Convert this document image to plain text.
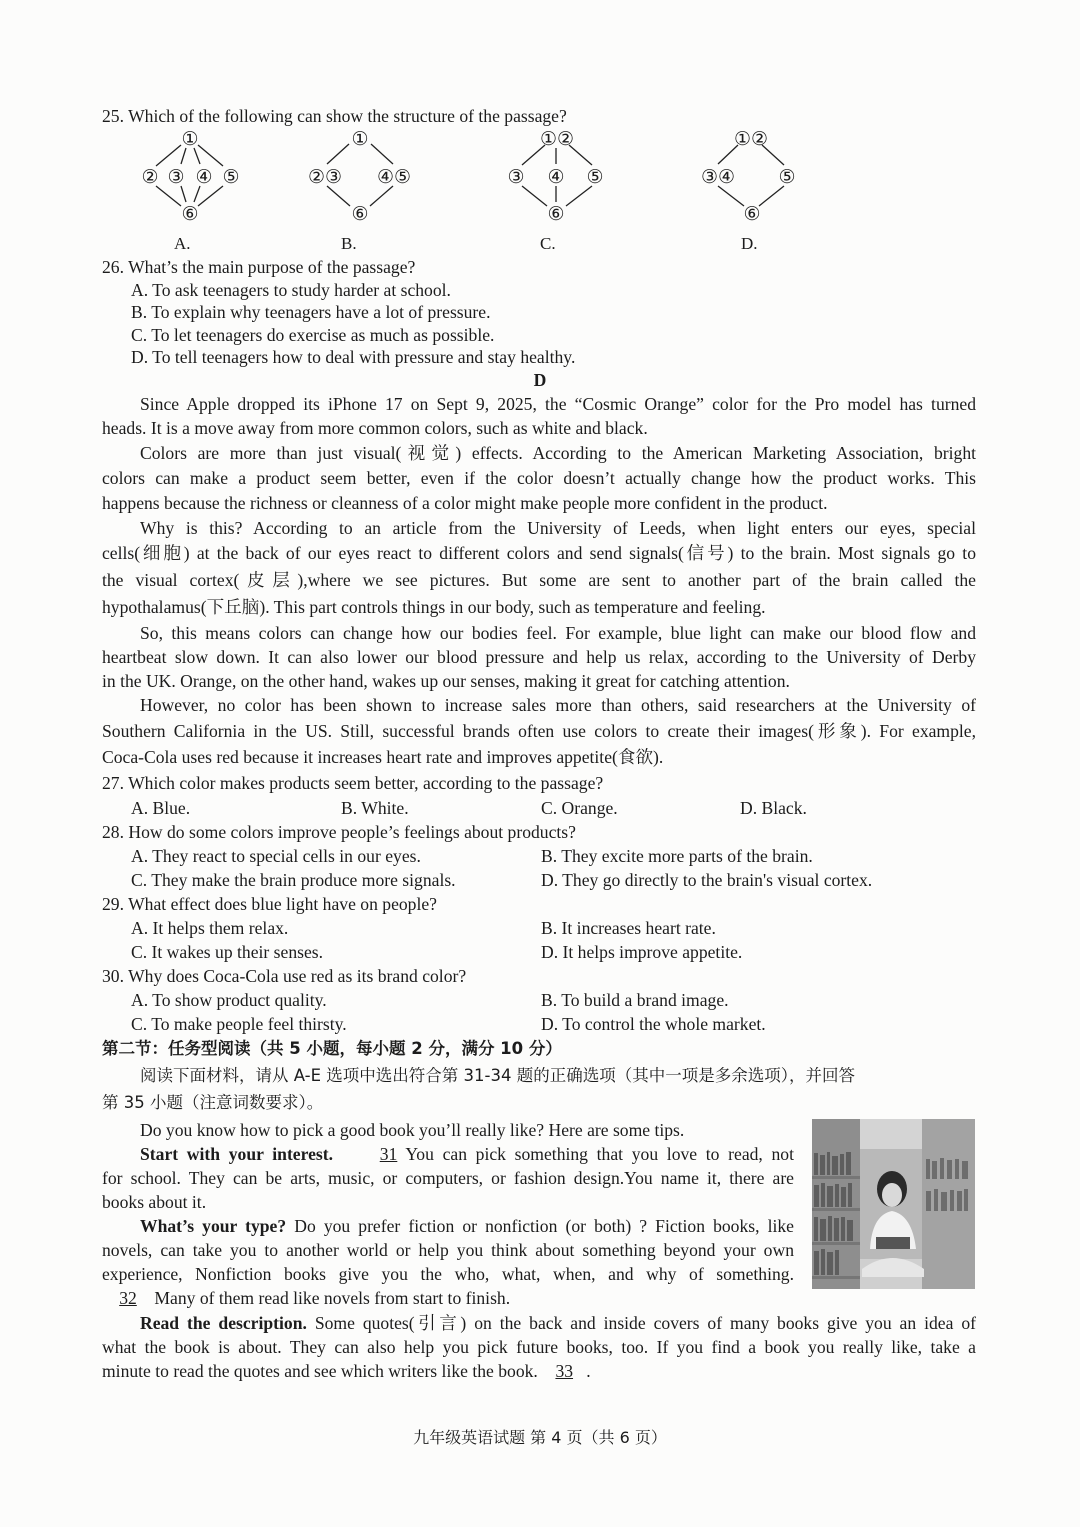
25. Which of the following can show the structure of the passage?
①
② ③ ④ ⑤
⑥
A.
①
②③ ④⑤
⑥
B.
①②
③ ④ ⑤
⑥
C.
①②
③④ ⑤
⑥
D.
26. What’s the main purpose of the passage?
A. To ask teenagers to study harder at school.
B. To explain why teenagers have a lot of pressure.
C. To let teenagers do exercise as much as possible.
D. To tell teenagers how to deal with pressure and stay healthy.
D
Since Apple dropped its iPhone 17 on Sept 9, 2025, the “Cosmic Orange” color for the Pro model has turned
heads. It is a move away from more common colors, such as white and black.
Colors are more than just visual(视觉) effects. According to the American Marketing Association, bright
colors can make a product seem better, even if the color doesn’t actually change how the product works. This
happens because the richness or cleanness of a color might make people more confident in the product.
Why is this? According to an article from the University of Leeds, when light enters our eyes, special
cells(细胞) at the back of our eyes react to different colors and send signals(信号) to the brain. Most signals go to
the visual cortex(皮层),where we see pictures. But some are sent to another part of the brain called the
hypothalamus(下丘脑). This part controls things in our body, such as temperature and feeling.
So, this means colors can change how our bodies feel. For example, blue light can make our blood flow and
heartbeat slow down. It can also lower our blood pressure and help us relax, according to the University of Derby
in the UK. Orange, on the other hand, wakes up our senses, making it great for catching attention.
However, no color has been shown to increase sales more than others, said researchers at the University of
Southern California in the US. Still, successful brands often use colors to create their images(形象). For example,
Coca-Cola uses red because it increases heart rate and improves appetite(食欲).
27. Which color makes products seem better, according to the passage?
A. Blue.	B. White.	C. Orange.	D. Black.
28. How do some colors improve people’s feelings about products?
A. They react to special cells in our eyes.	B. They excite more parts of the brain.
C. They make the brain produce more signals.	D. They go directly to the brain's visual cortex.
29. What effect does blue light have on people?
A. It helps them relax.	B. It increases heart rate.
C. It wakes up their senses.	D. It helps improve appetite.
30. Why does Coca-Cola use red as its brand color?
A. To show product quality.	B. To build a brand image.
C. To make people feel thirsty.	D. To control the whole market.
第二节：任务型阅读（共 5 小题，每小题 2 分，满分 10 分）
阅读下面材料，请从 A-E 选项中选出符合第 31-34 题的正确选项（其中一项是多余选项），并回答
第 35 小题（注意词数要求）。
Do you know how to pick a good book you’ll really like? Here are some tips.
Start with your interest.	31 You can pick something that you love to read, not
for school. They can be arts, music, or computers, or fashion design.You name it, there are
books about it.
What’s your type? Do you prefer fiction or nonfiction (or both) ? Fiction books, like
novels, can take you to another world or help you think about something beyond your own
experience, Nonfiction books give you the who, what, when, and why of something.
32 Many of them read like novels from start to finish.
Read the description. Some quotes(引言) on the back and inside covers of many books give you an idea of
what the book is about. They can also help you pick future books, too. If you find a book you really like, take a
minute to read the quotes and see which writers like the book. 33 .
九年级英语试题 第 4 页（共 6 页）
